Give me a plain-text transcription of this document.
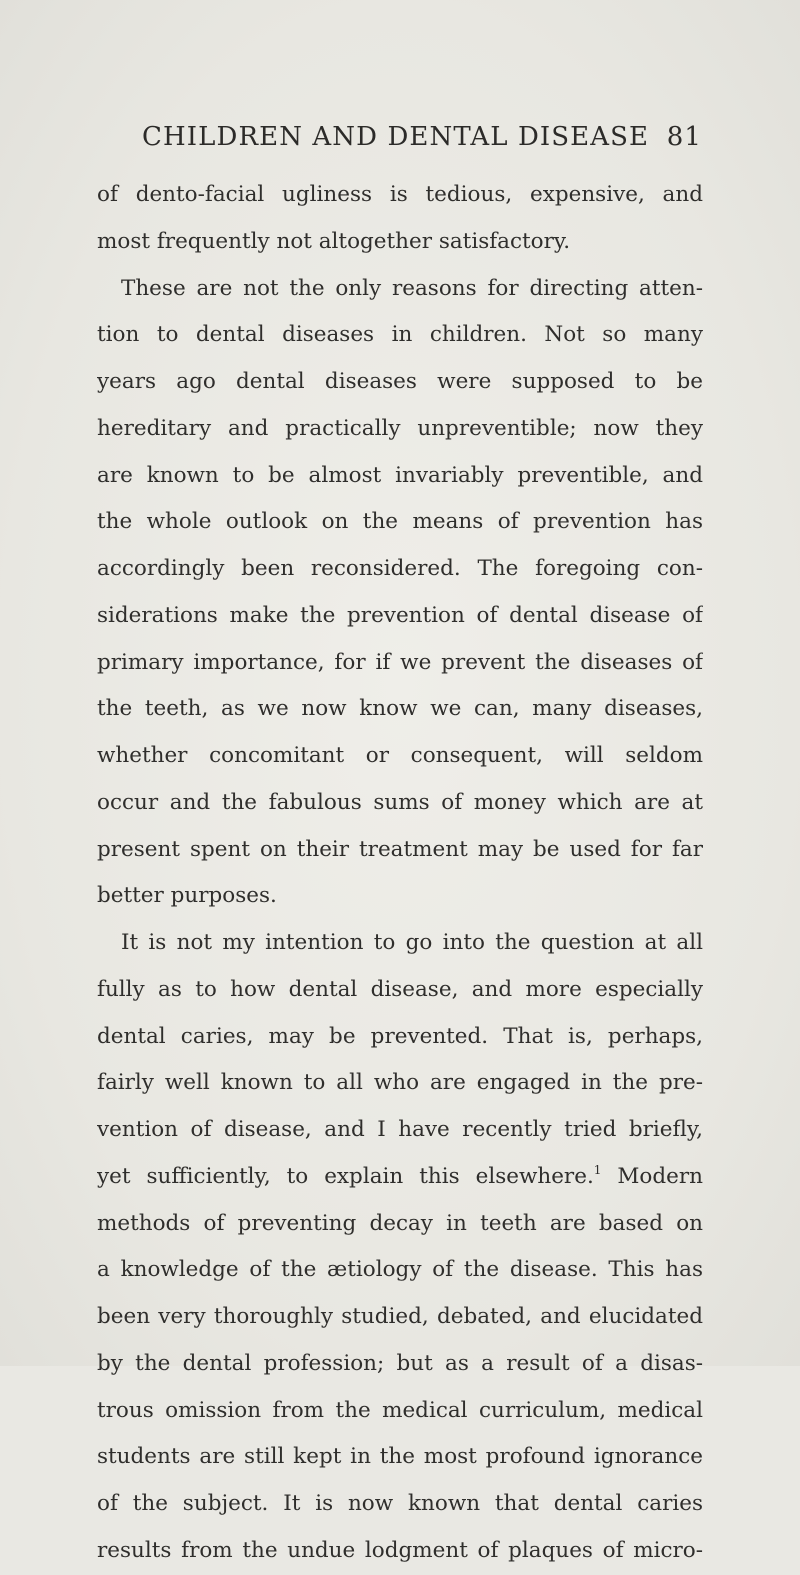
CHILDREN AND DENTAL DISEASE 81
of dento-facial ugliness is tedious, expensive, and
most frequently not altogether satisfactory.
These are not the only reasons for directing atten-
tion to dental diseases in children. Not so many
years ago dental diseases were supposed to be
hereditary and practically unpreventible; now they
are known to be almost invariably preventible, and
the whole outlook on the means of prevention has
accordingly been reconsidered. The foregoing con-
siderations make the prevention of dental disease of
primary importance, for if we prevent the diseases of
the teeth, as we now know we can, many diseases,
whether concomitant or consequent, will seldom
occur and the fabulous sums of money which are at
present spent on their treatment may be used for far
better purposes.
It is not my intention to go into the question at all
fully as to how dental disease, and more especially
dental caries, may be prevented. That is, perhaps,
fairly well known to all who are engaged in the pre-
vention of disease, and I have recently tried briefly,
yet sufficiently, to explain this elsewhere.$^1$ Modern
methods of preventing decay in teeth are based on
a knowledge of the ætiology of the disease. This has
been very thoroughly studied, debated, and elucidated
by the dental profession; but as a result of a disas-
trous omission from the medical curriculum, medical
students are still kept in the most profound ignorance
of the subject. It is now known that dental caries
results from the undue lodgment of plaques of micro-
